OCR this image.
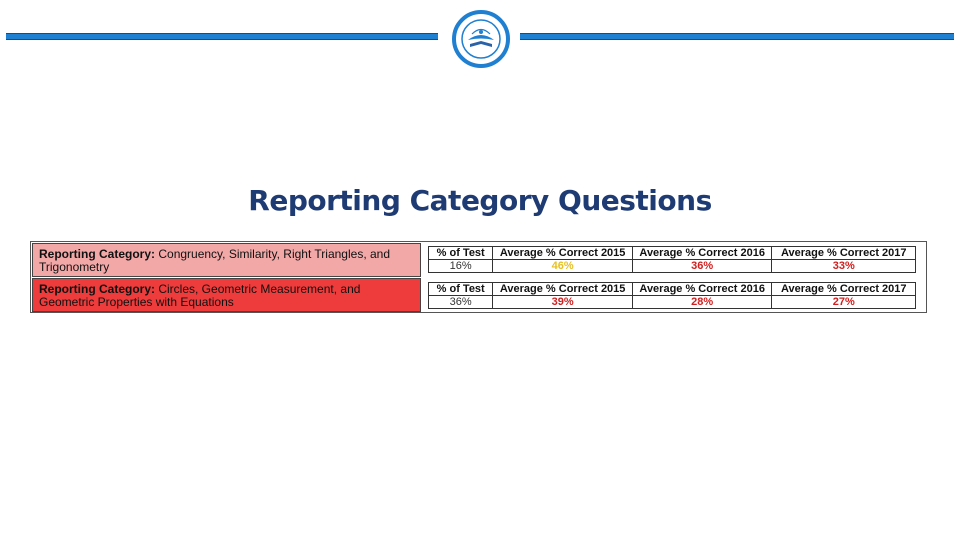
Reporting Category Questions
Reporting Category: Congruency, Similarity, Right Triangles, and Trigonometry
% of Test	Average % Correct 2015	Average % Correct 2016	Average % Correct 2017
16%	46%	36%	33%
Reporting Category: Circles, Geometric Measurement, and Geometric Properties with Equations
% of Test	Average % Correct 2015	Average % Correct 2016	Average % Correct 2017
36%	39%	28%	27%
